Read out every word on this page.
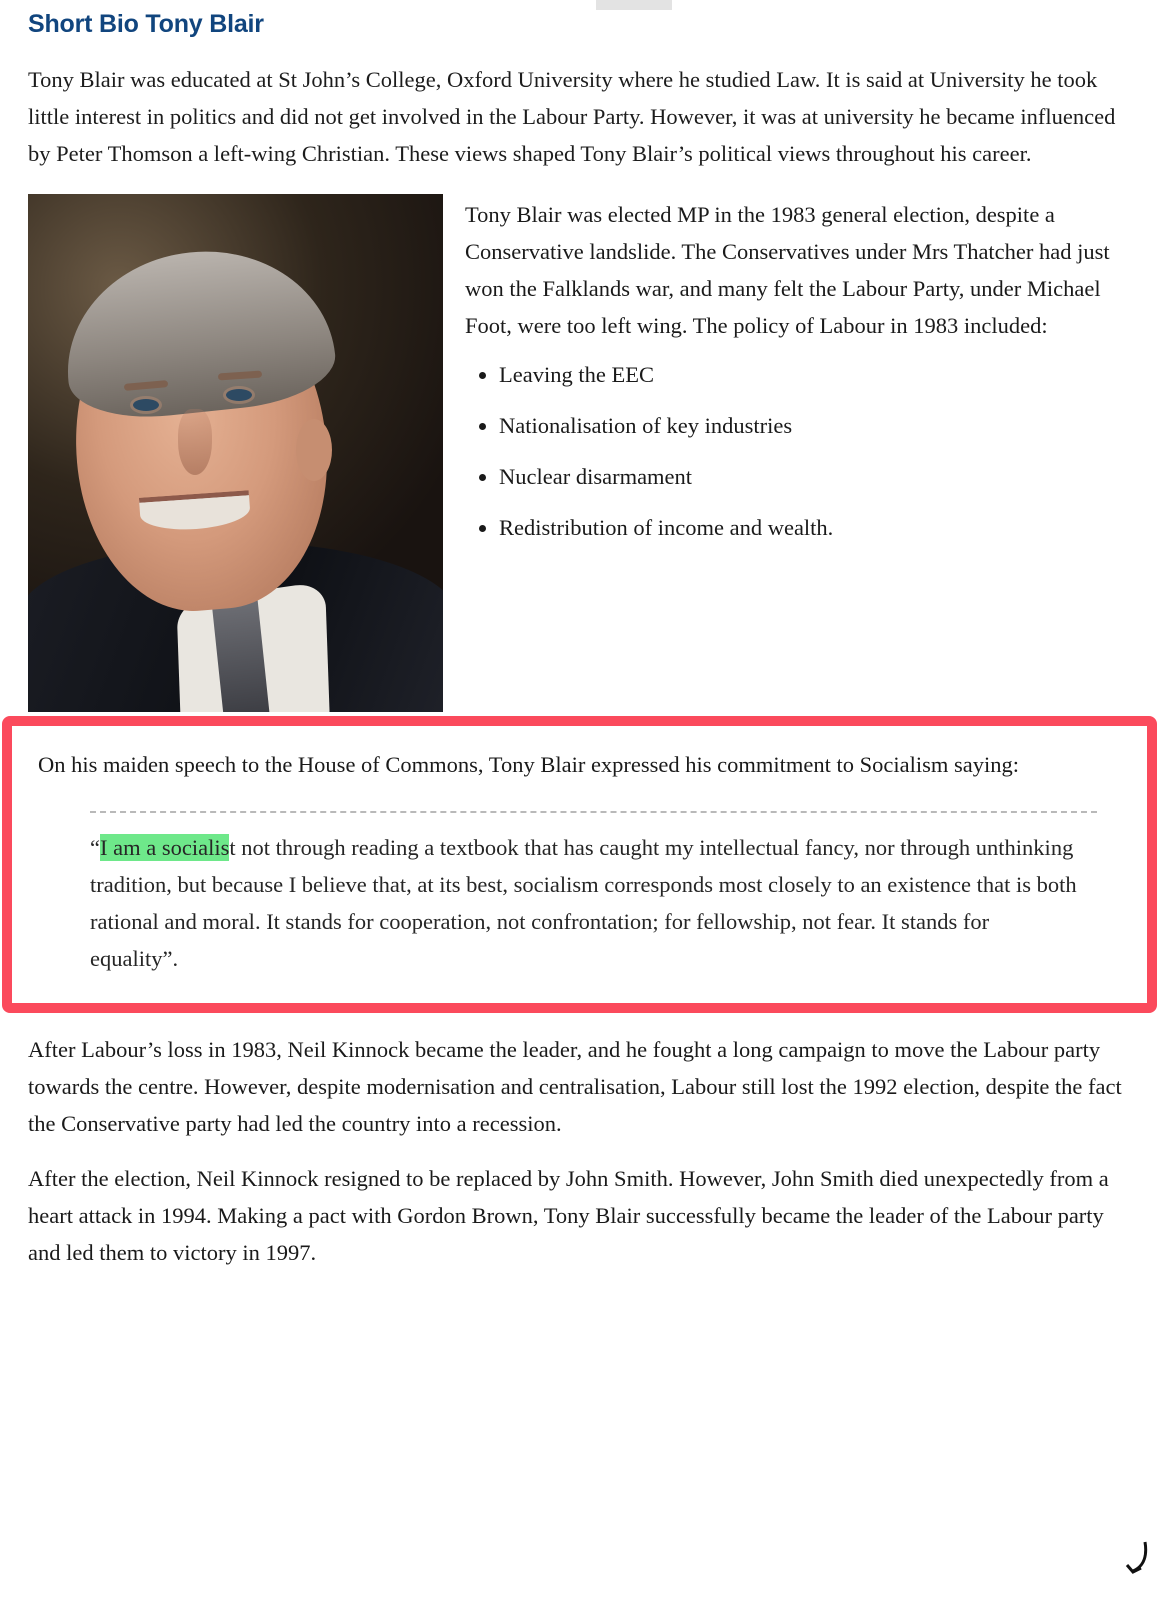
Short Bio Tony Blair

Tony Blair was educated at St John’s College, Oxford University where he studied Law. It is said at University he took little interest in politics and did not get involved in the Labour Party. However, it was at university he became influenced by Peter Thomson a left-wing Christian. These views shaped Tony Blair’s political views throughout his career.

Tony Blair was elected MP in the 1983 general election, despite a Conservative landslide. The Conservatives under Mrs Thatcher had just won the Falklands war, and many felt the Labour Party, under Michael Foot, were too left wing. The policy of Labour in 1983 included:

• Leaving the EEC
• Nationalisation of key industries
• Nuclear disarmament
• Redistribution of income and wealth.

On his maiden speech to the House of Commons, Tony Blair expressed his commitment to Socialism saying:

“I am a socialist not through reading a textbook that has caught my intellectual fancy, nor through unthinking tradition, but because I believe that, at its best, socialism corresponds most closely to an existence that is both rational and moral. It stands for cooperation, not confrontation; for fellowship, not fear. It stands for equality”.

After Labour’s loss in 1983, Neil Kinnock became the leader, and he fought a long campaign to move the Labour party towards the centre. However, despite modernisation and centralisation, Labour still lost the 1992 election, despite the fact the Conservative party had led the country into a recession.

After the election, Neil Kinnock resigned to be replaced by John Smith. However, John Smith died unexpectedly from a heart attack in 1994. Making a pact with Gordon Brown, Tony Blair successfully became the leader of the Labour party and led them to victory in 1997.
